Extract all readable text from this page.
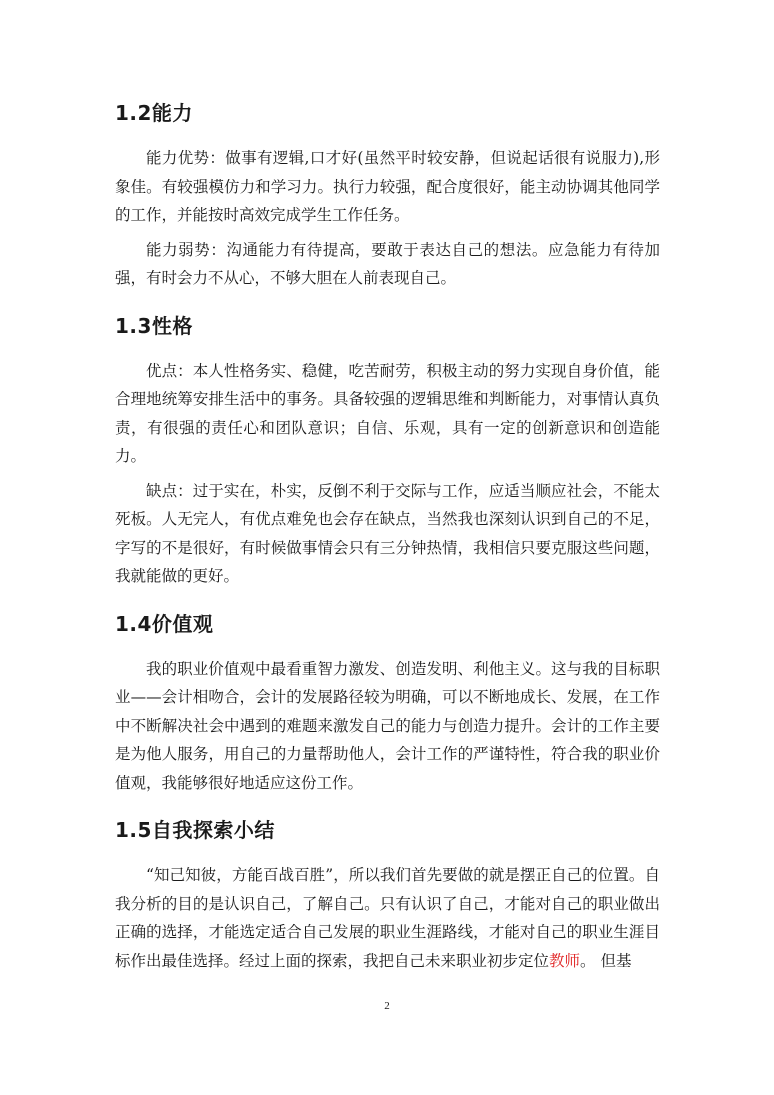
1.2能力

能力优势：做事有逻辑,口才好(虽然平时较安静，但说起话很有说服力),形象佳。有较强模仿力和学习力。执行力较强，配合度很好，能主动协调其他同学的工作，并能按时高效完成学生工作任务。

能力弱势：沟通能力有待提高，要敢于表达自己的想法。应急能力有待加强，有时会力不从心，不够大胆在人前表现自己。

1.3性格

优点：本人性格务实、稳健，吃苦耐劳，积极主动的努力实现自身价值，能合理地统筹安排生活中的事务。具备较强的逻辑思维和判断能力，对事情认真负责，有很强的责任心和团队意识；自信、乐观，具有一定的创新意识和创造能力。

缺点：过于实在，朴实，反倒不利于交际与工作，应适当顺应社会，不能太死板。人无完人，有优点难免也会存在缺点，当然我也深刻认识到自己的不足，字写的不是很好，有时候做事情会只有三分钟热情，我相信只要克服这些问题，我就能做的更好。

1.4价值观

我的职业价值观中最看重智力激发、创造发明、利他主义。这与我的目标职业——会计相吻合，会计的发展路径较为明确，可以不断地成长、发展，在工作中不断解决社会中遇到的难题来激发自己的能力与创造力提升。会计的工作主要是为他人服务，用自己的力量帮助他人，会计工作的严谨特性，符合我的职业价值观，我能够很好地适应这份工作。

1.5自我探索小结

“知己知彼，方能百战百胜”，所以我们首先要做的就是摆正自己的位置。自我分析的目的是认识自己，了解自己。只有认识了自己，才能对自己的职业做出正确的选择，才能选定适合自己发展的职业生涯路线，才能对自己的职业生涯目标作出最佳选择。经过上面的探索，我把自己未来职业初步定位教师。 但基

2
